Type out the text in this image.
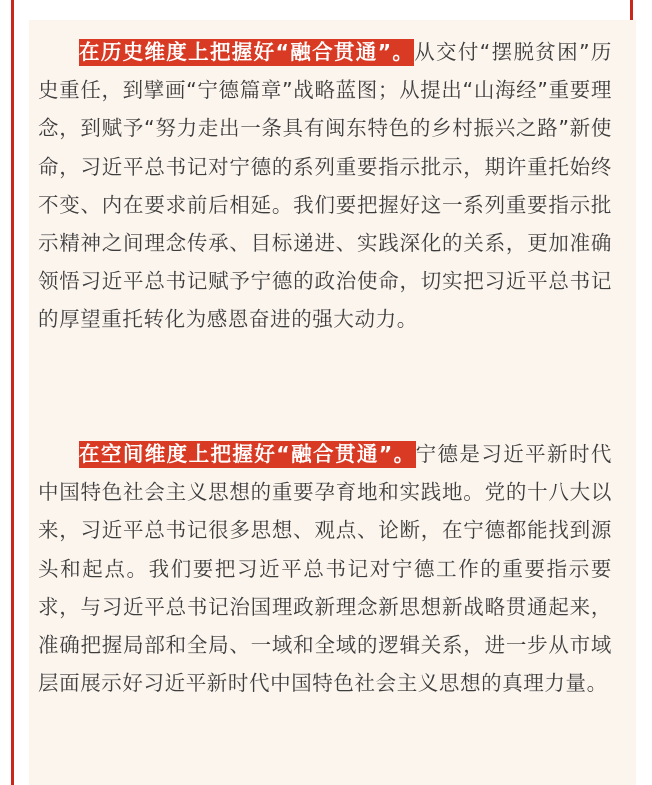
在历史维度上把握好“融合贯通”。从交付“摆脱贫困”历史重任，到擘画“宁德篇章”战略蓝图；从提出“山海经”重要理念，到赋予“努力走出一条具有闽东特色的乡村振兴之路”新使命，习近平总书记对宁德的系列重要指示批示，期许重托始终不变、内在要求前后相延。我们要把握好这一系列重要指示批示精神之间理念传承、目标递进、实践深化的关系，更加准确领悟习近平总书记赋予宁德的政治使命，切实把习近平总书记的厚望重托转化为感恩奋进的强大动力。

在空间维度上把握好“融合贯通”。宁德是习近平新时代中国特色社会主义思想的重要孕育地和实践地。党的十八大以来，习近平总书记很多思想、观点、论断，在宁德都能找到源头和起点。我们要把习近平总书记对宁德工作的重要指示要求，与习近平总书记治国理政新理念新思想新战略贯通起来，准确把握局部和全局、一域和全域的逻辑关系，进一步从市域层面展示好习近平新时代中国特色社会主义思想的真理力量。
